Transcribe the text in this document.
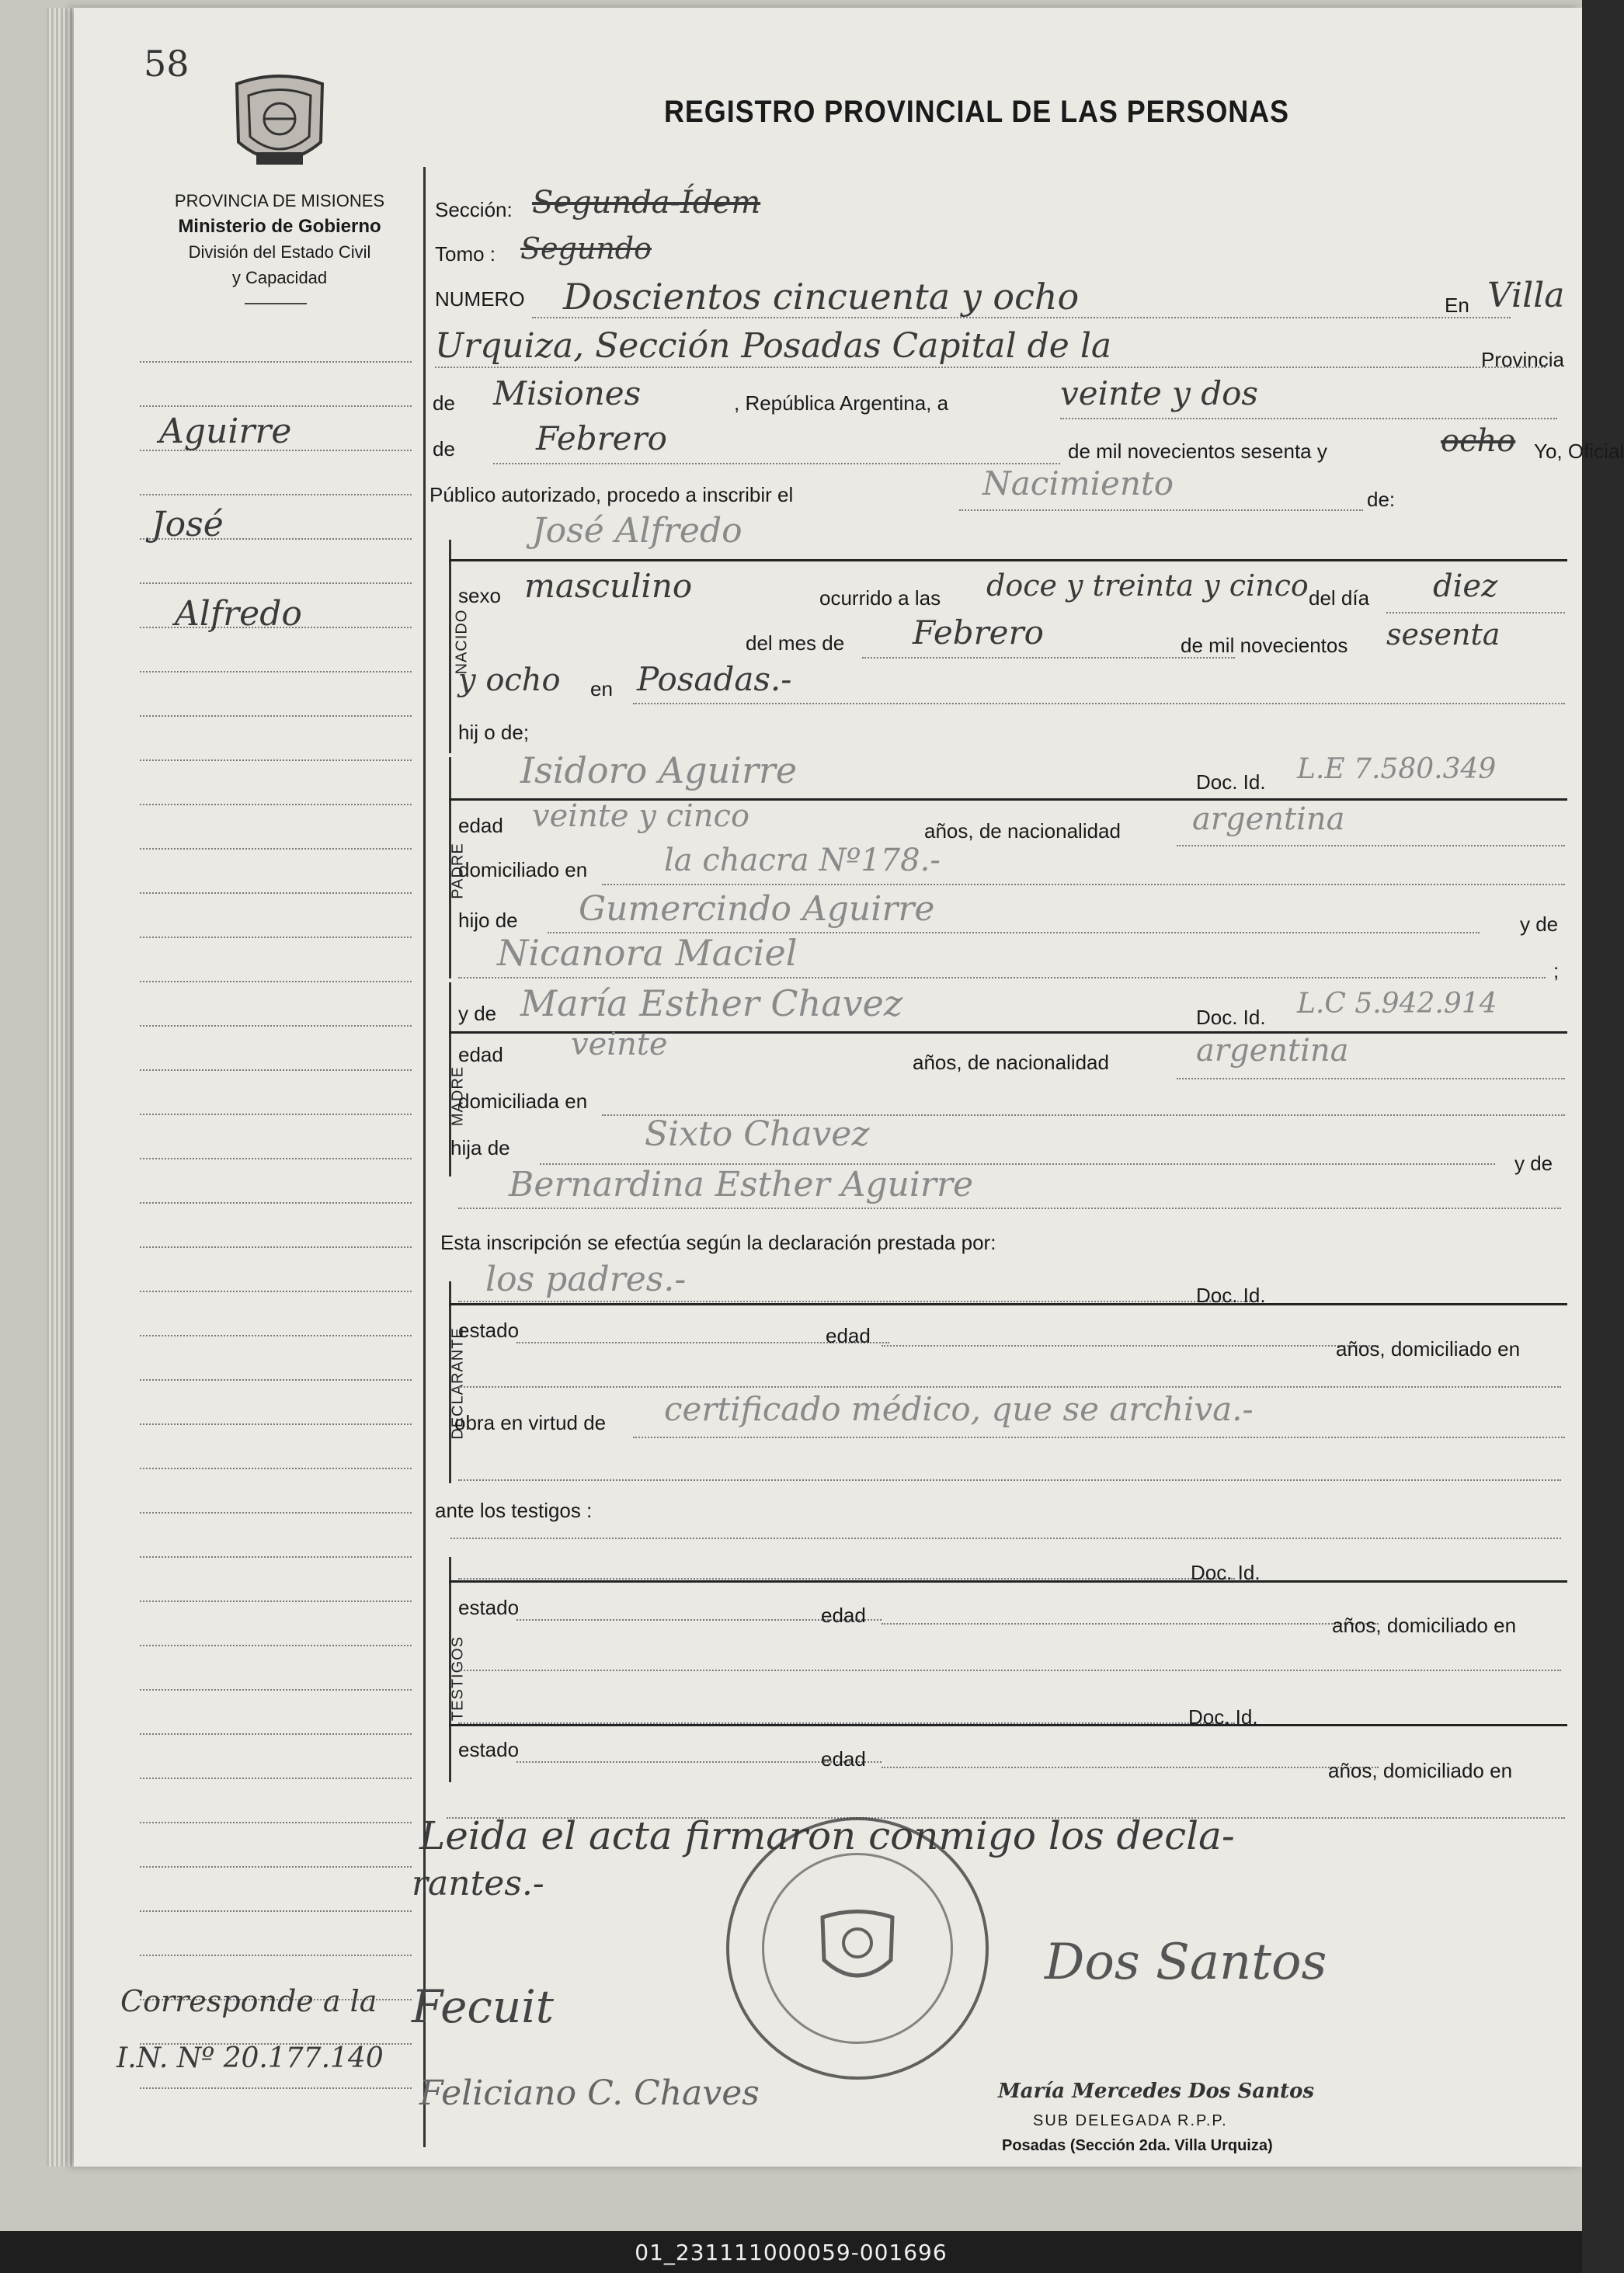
58
PROVINCIA DE MISIONES
Ministerio de Gobierno
División del Estado Civil
y Capacidad
REGISTRO PROVINCIAL DE LAS PERSONAS
Aguirre
José
Alfredo
Corresponde a la
I.N. Nº 20.177.140
Sección: Segunda-Ídem
Tomo : Segundo
NUMERO Doscientos cincuenta y ocho	En Villa
Urquiza, Sección Posadas Capital de la	Provincia
de Misiones	, República Argentina, a	veinte y dos
de Febrero	de mil novecientos sesenta y	ocho Yo, Oficial
Público autorizado, procedo a inscribir el	Nacimiento	de:
NACIDO
José Alfredo
sexo masculino	ocurrido a las doce y treinta y cinco del día diez
del mes de Febrero	de mil novecientos sesenta
y ocho en Posadas.-
hij o de;
PADRE
Isidoro Aguirre	Doc. Id. L.E 7.580.349
edad veinte y cinco	años, de nacionalidad argentina
domiciliado en la chacra Nº178.-
hijo de Gumercindo Aguirre	y de
Nicanora Maciel	;
MADRE
y de María Esther Chavez	Doc. Id. L.C 5.942.914
edad veinte	años, de nacionalidad	argentina
domiciliada en
hija de	Sixto Chavez
y de
Bernardina Esther Aguirre
Esta inscripción se efectúa según la declaración prestada por:
DECLARANTE
los padres.-	Doc. Id.
estado	edad
años, domiciliado en
obra en virtud de certificado médico, que se archiva.-
ante los testigos :
TESTIGOS
Doc. Id.
estado	edad	años, domiciliado en
Doc. Id.
estado	edad	años, domiciliado en
Leida el acta firmaron conmigo los decla-
rantes.-
Fecuit
Feliciano C. Chaves
Dos Santos
María Mercedes Dos Santos
SUB DELEGADA R.P.P.
Posadas (Sección 2da. Villa Urquiza)
01_231111000059-001696
